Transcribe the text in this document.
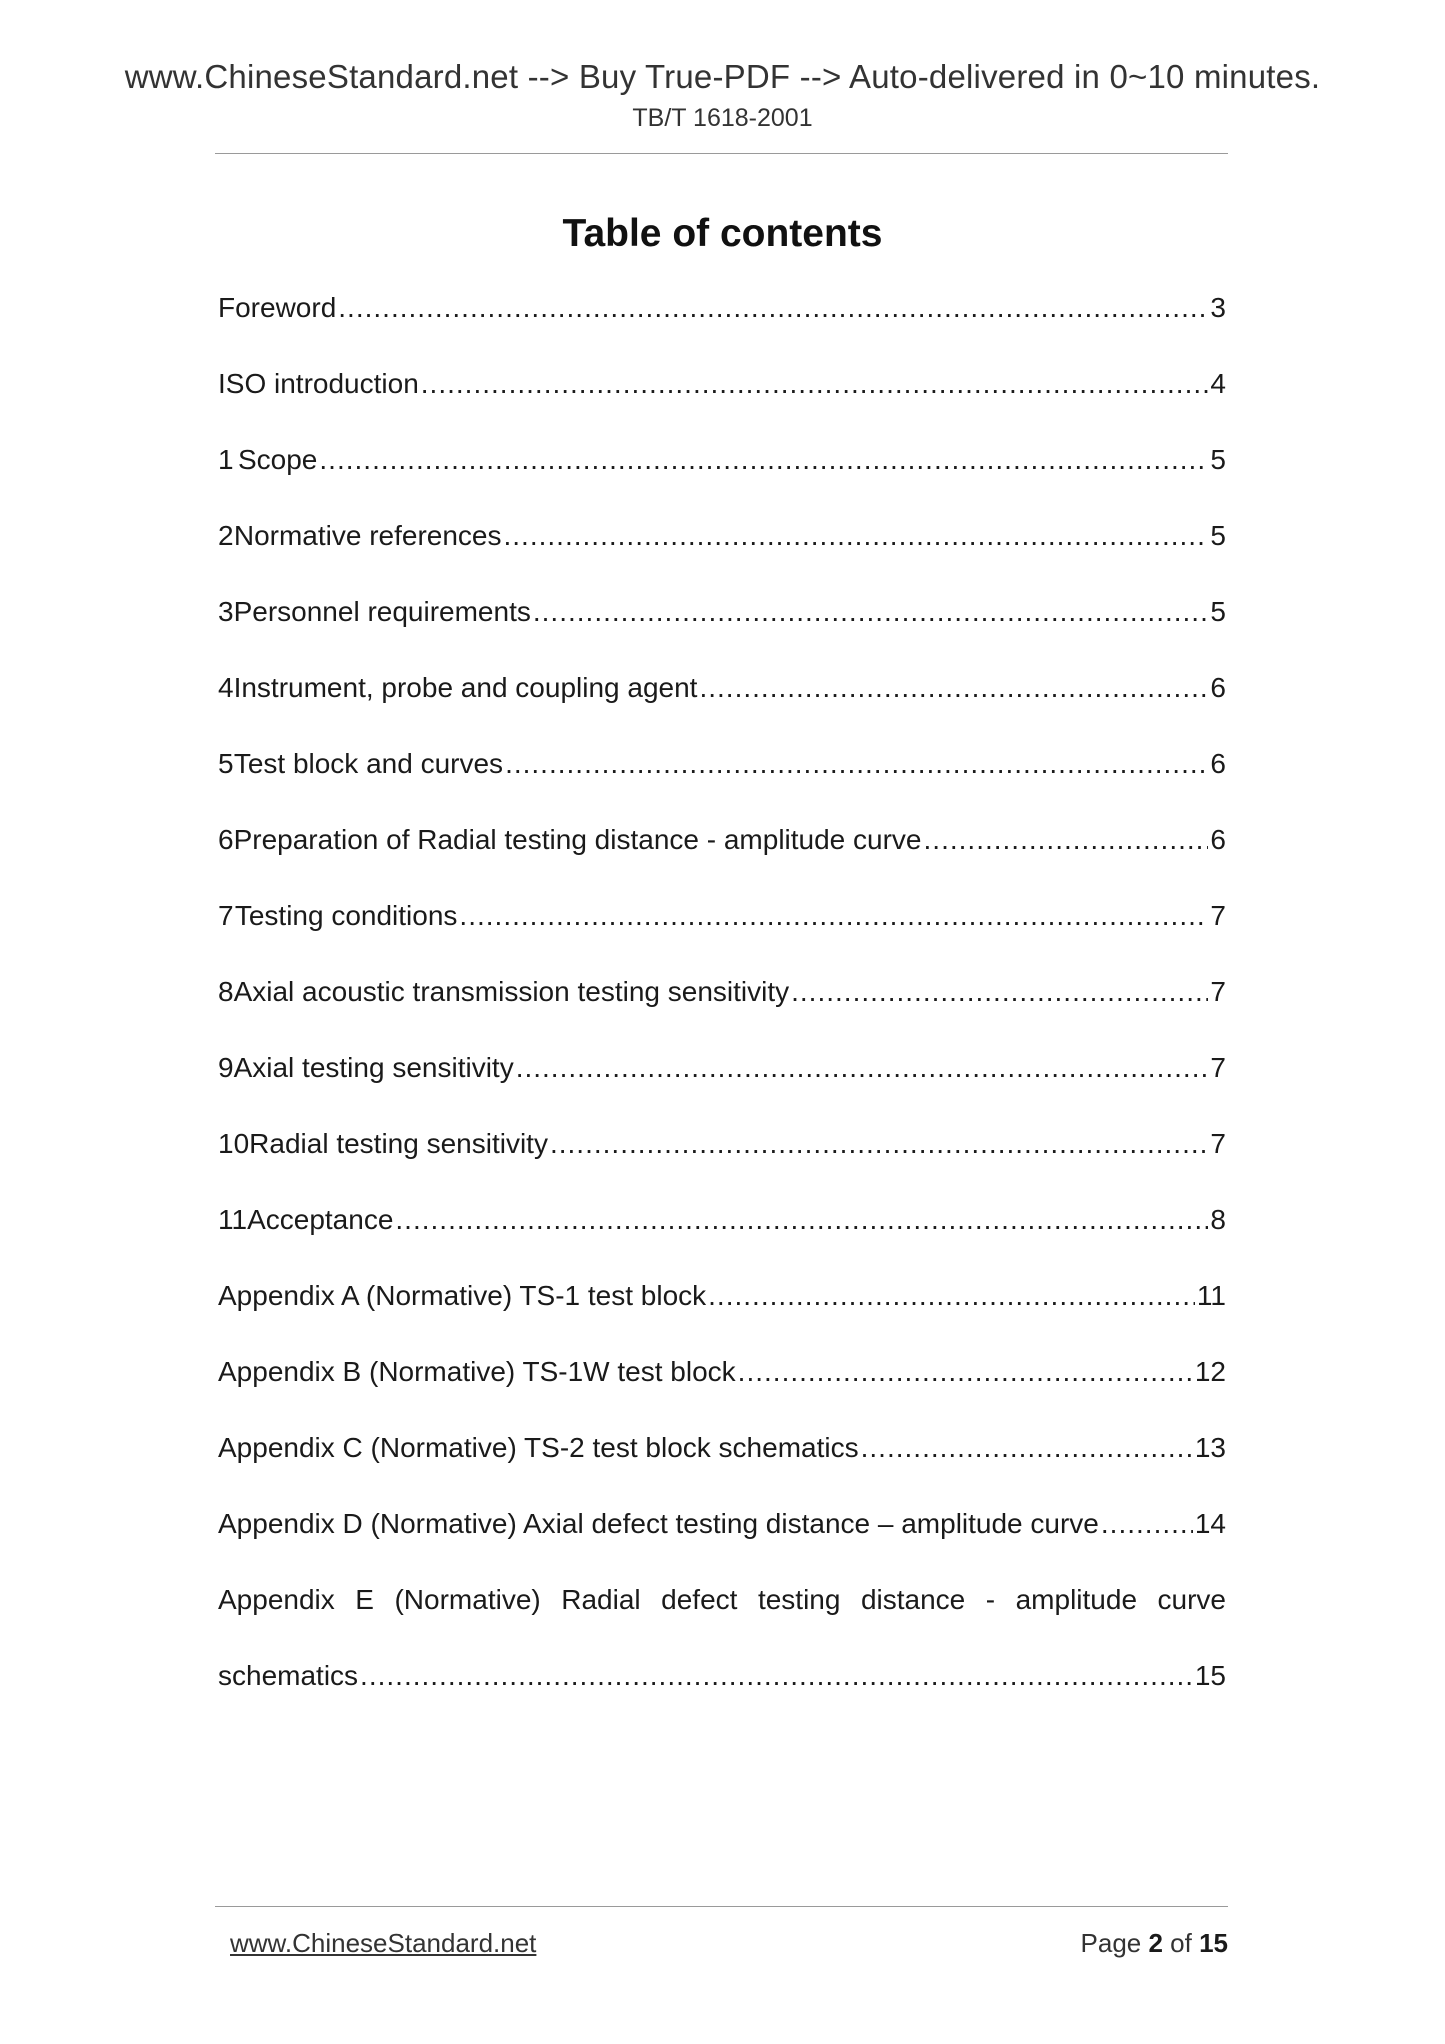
www.ChineseStandard.net --> Buy True-PDF --> Auto-delivered in 0~10 minutes.
TB/T 1618-2001
Table of contents
Foreword .....	3
ISO introduction .....	4
1 Scope .....	5
2 Normative references .....	5
3 Personnel requirements .....	5
4 Instrument, probe and coupling agent .....	6
5 Test block and curves .....	6
6 Preparation of Radial testing distance - amplitude curve .....	6
7 Testing conditions .....	7
8 Axial acoustic transmission testing sensitivity .....	7
9 Axial testing sensitivity .....	7
10 Radial testing sensitivity .....	7
11 Acceptance .....	8
Appendix A (Normative) TS-1 test block .....	11
Appendix B (Normative) TS-1W test block .....	12
Appendix C (Normative) TS-2 test block schematics .....	13
Appendix D (Normative) Axial defect testing distance – amplitude curve .....	14
Appendix E (Normative) Radial defect testing distance - amplitude curve
schematics .....	15
www.ChineseStandard.net	Page 2 of 15
